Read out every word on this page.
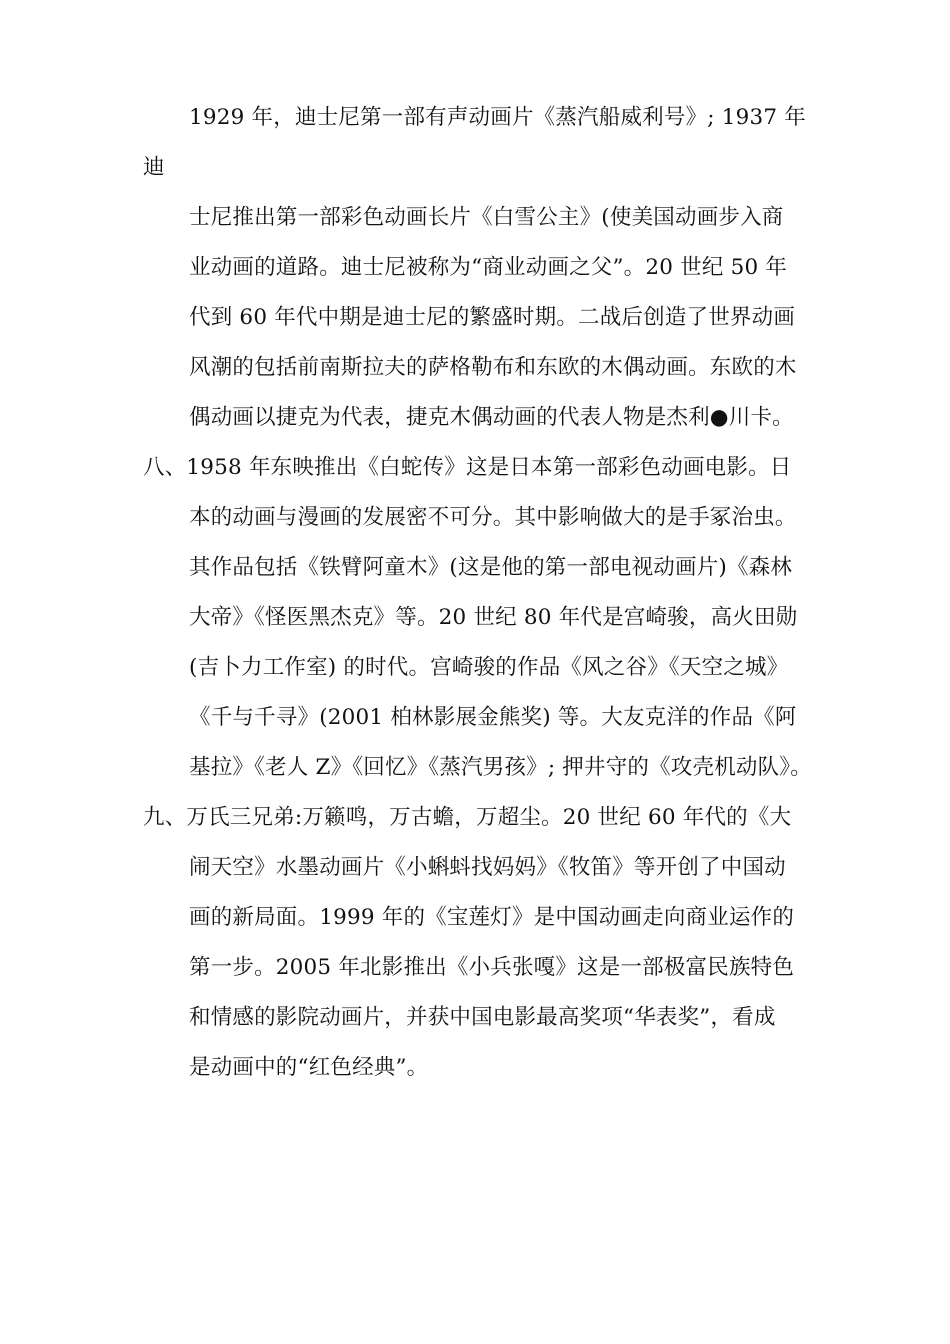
1929 年，迪士尼第一部有声动画片《蒸汽船威利号》; 1937 年
迪
士尼推出第一部彩色动画长片《白雪公主》(使美国动画步入商
业动画的道路。迪士尼被称为“商业动画之父”。20 世纪 50 年
代到 60 年代中期是迪士尼的繁盛时期。二战后创造了世界动画
风潮的包括前南斯拉夫的萨格勒布和东欧的木偶动画。东欧的木
偶动画以捷克为代表，捷克木偶动画的代表人物是杰利●川卡。
八、1958 年东映推出《白蛇传》这是日本第一部彩色动画电影。日
本的动画与漫画的发展密不可分。其中影响做大的是手冢治虫。
其作品包括《铁臂阿童木》(这是他的第一部电视动画片)《森林
大帝》《怪医黑杰克》等。20 世纪 80 年代是宫崎骏，高火田勋
(吉卜力工作室) 的时代。宫崎骏的作品《风之谷》《天空之城》
《千与千寻》(2001 柏林影展金熊奖) 等。大友克洋的作品《阿
基拉》《老人 Z》《回忆》《蒸汽男孩》; 押井守的《攻壳机动队》。
九、万氏三兄弟:万籁鸣，万古蟾，万超尘。20 世纪 60 年代的《大
闹天空》水墨动画片《小蝌蚪找妈妈》《牧笛》等开创了中国动
画的新局面。1999 年的《宝莲灯》是中国动画走向商业运作的
第一步。2005 年北影推出《小兵张嘎》这是一部极富民族特色
和情感的影院动画片，并获中国电影最高奖项“华表奖”，看成
是动画中的“红色经典”。
